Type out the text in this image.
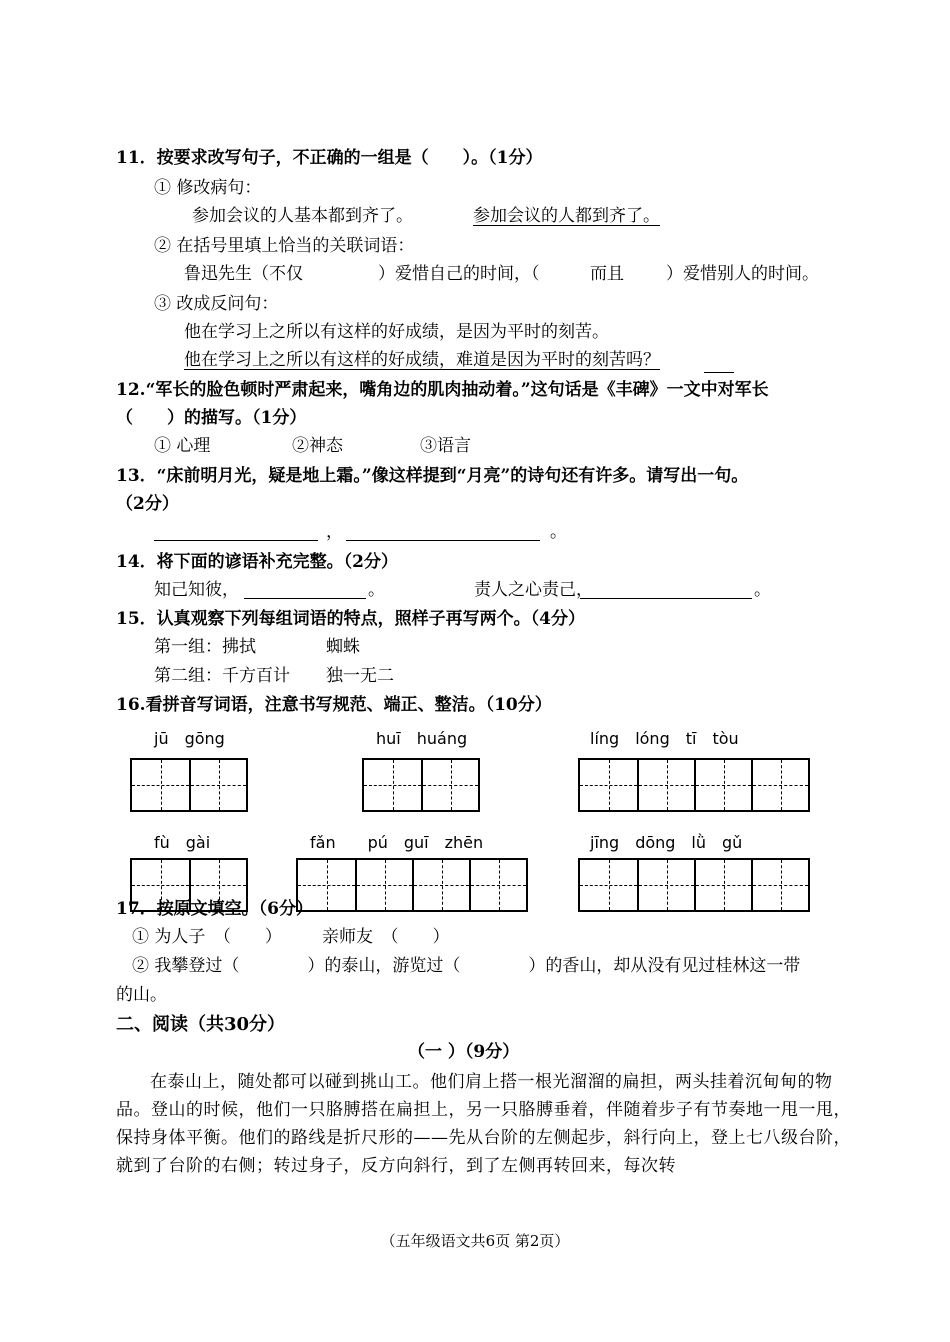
11．按要求改写句子，不正确的一组是（　　）。（1分）
① 修改病句：
参加会议的人基本都到齐了。	参加会议的人都到齐了。
② 在括号里填上恰当的关联词语：
鲁迅先生（不仅	）爱惜自己的时间，（	而且 ）爱惜别人的时间。
③ 改成反问句：
他在学习上之所以有这样的好成绩，是因为平时的刻苦。
他在学习上之所以有这样的好成绩，难道是因为平时的刻苦吗？
12.“军长的脸色顿时严肃起来，嘴角边的肌肉抽动着。”这句话是《丰碑》一文中对军长
（　　）的描写。（1分）
① 心理	②神态	③语言
13．“床前明月光，疑是地上霜。”像这样提到“月亮”的诗句还有许多。请写出一句。
（2分）
，	。
14．将下面的谚语补充完整。（2分）
知己知彼，	。	责人之心责己，	。
15．认真观察下列每组词语的特点，照样子再写两个。（4分）
第一组：拂拭	蜘蛛
第二组：千方百计 独一无二
16.看拼音写词语，注意书写规范、端正、整洁。（10分）
jū　gōng	huī　huáng	líng　lóng　tī　tòu
fù　gài	fǎn　　pú　guī　zhēn	jīng　dōng　lǜ　gǔ
17．按原文填空。（6分）
① 为人子　（　　） 亲师友　（　　）
② 我攀登过（　　　　）的泰山，游览过（　　　　）的香山，却从没有见过桂林这一带
的山。
二、阅读（共30分）
（一 ）（9分）

在泰山上，随处都可以碰到挑山工。他们肩上搭一根光溜溜的扁担，两头挂着沉甸甸的物品。登山的时候，他们一只胳膊搭在扁担上，另一只胳膊垂着，伴随着步子有节奏地一甩一甩，保持身体平衡。他们的路线是折尺形的——先从台阶的左侧起步，斜行向上，登上七八级台阶，就到了台阶的右侧；转过身子，反方向斜行，到了左侧再转回来，每次转

（五年级语文共6页 第2页）
